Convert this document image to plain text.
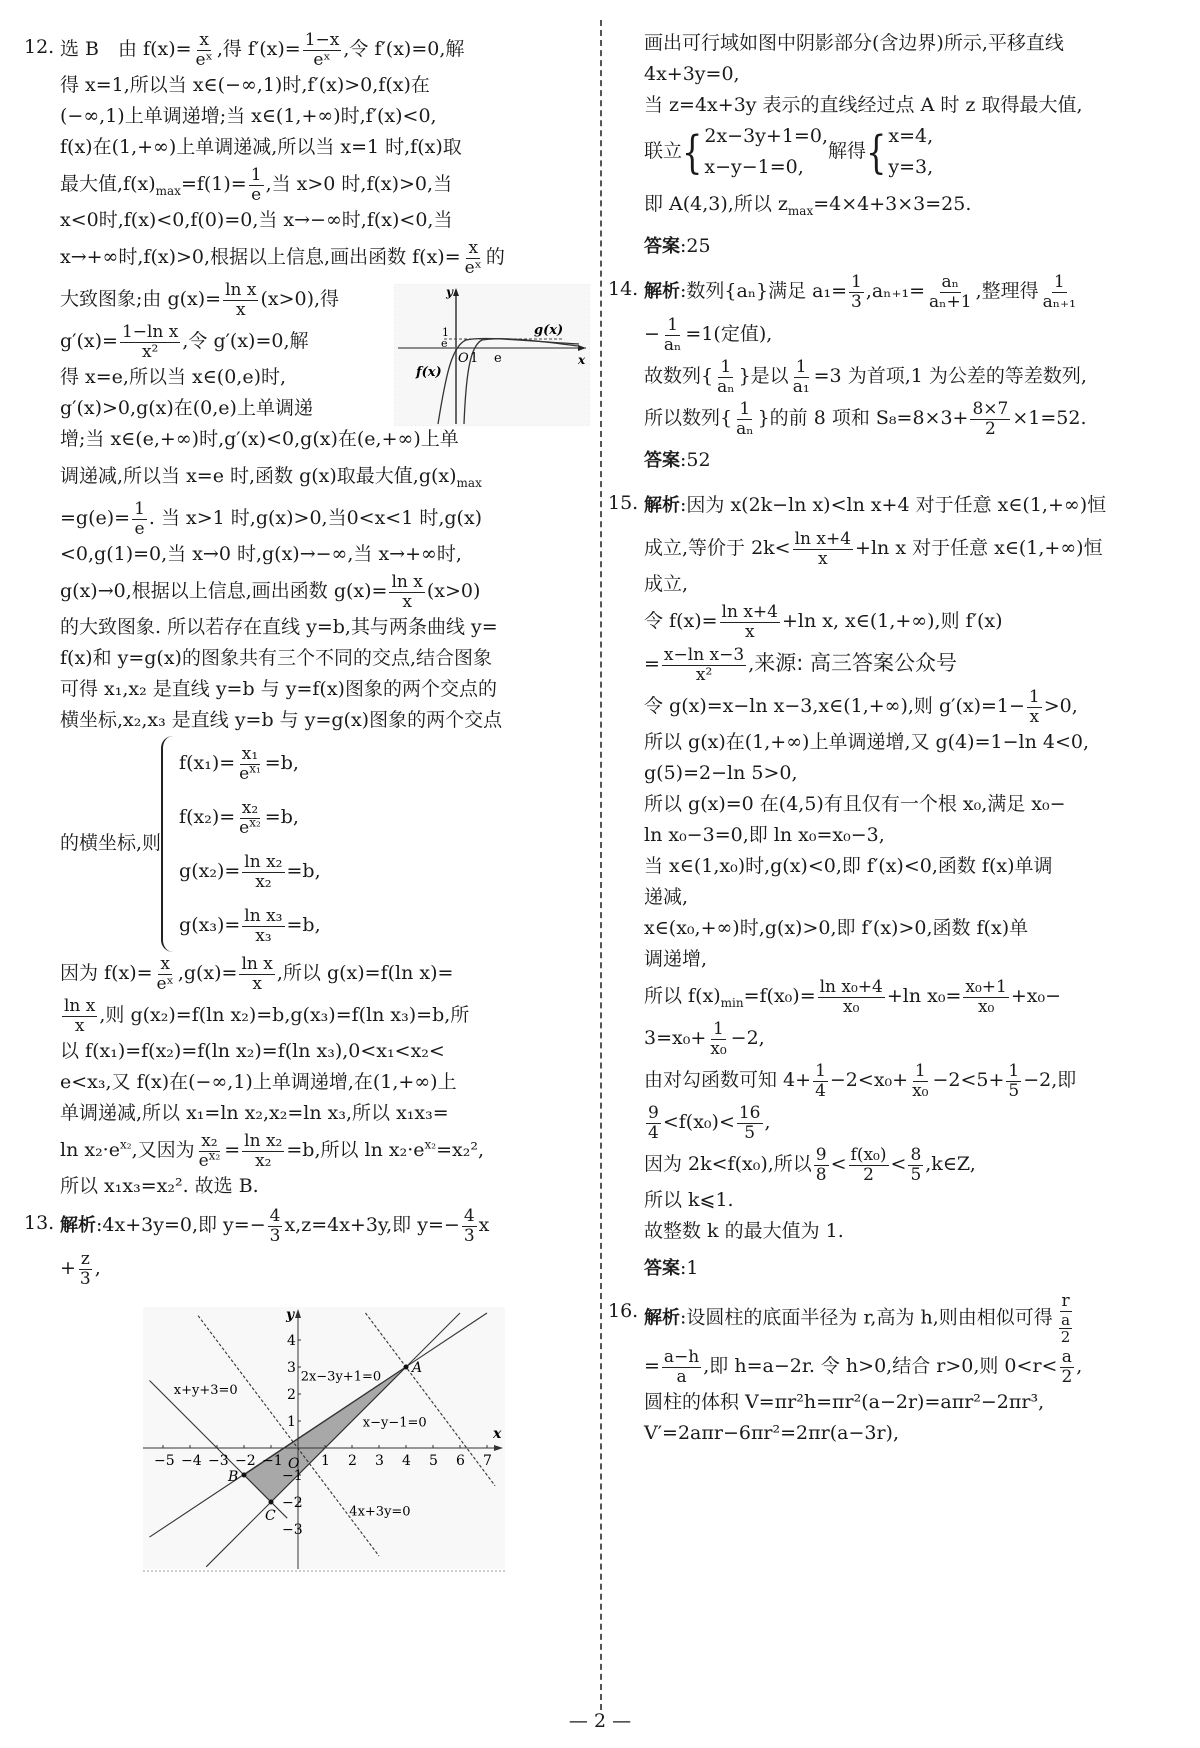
12. 选 B　由 $f(x)= \frac{x}{\text{eˣ}}$ ,得 $f'(x)= \frac{1-x}{\text{eˣ}}$ ,令 f′(x)=0,解
得 x=1,所以当 x∈(−∞,1)时,f′(x)>0,f(x)在
(−∞,1)上单调递增;当 x∈(1,+∞)时,f′(x)<0,
f(x)在(1,+∞)上单调递减,所以当 x=1 时,f(x)取
最大值$,f(x)_{max}=f(1)= \frac{1}{e}$ ,当 x>0 时,f(x)>0,当
x<0时,f(x)<0,f(0)=0,当 x→−∞时,f(x)<0,当
x→+∞时,f(x)>0,根据以上信息,画出函数 $f(x)= \frac{x}{\text{eˣ}}$ 的
y
x
O 1 e
1
e
f(x)
g(x)
大致图象;由 $g(x)= \frac{\text{ln x}}{x} (x>0)$,得
$g'(x)= \frac{\text{1−ln x}}{\text{x²}}$ ,令 g′(x)=0,解
得 x=e,所以当 x∈(0,e)时,
g′(x)>0,g(x)在(0,e)上单调递
增;当 x∈(e,+∞)时,g′(x)<0,g(x)在(e,+∞)上单
调递减,所以当 x=e 时,函数 g(x)取最大值$,g(x)_{max}$
$=g(e)= \frac{1}{e}$ . 当 x>1 时,g(x)>0,当0<x<1 时,g(x)
<0,g(1)=0,当 x→0 时,g(x)→−∞,当 x→+∞时,
g(x)→0,根据以上信息,画出函数 $g(x)= \frac{\text{ln x}}{x} (x>0)$
的大致图象. 所以若存在直线 y=b,其与两条曲线 y=
f(x)和 y=g(x)的图象共有三个不同的交点,结合图象
可得 x₁,x₂ 是直线 y=b 与 y=f(x)图象的两个交点的
横坐标,x₂,x₃ 是直线 y=b 与 y=g(x)图象的两个交点
的横坐标,则
$f(x_1)= \frac{\text{x₁}}{e^{x_1}} =b$,
$f(x_2)= \frac{\text{x₂}}{e^{x_2}} =b$,
$g(x_2)= \frac{\text{ln x₂}}{\text{x₂}} =b$,
$g(x_3)= \frac{\text{ln x₃}}{\text{x₃}} =b$,
因为 $f(x)= \frac{x}{\text{eˣ}} ,g(x)= \frac{\text{ln x}}{x}$ ,所以 g(x)=f(ln x)=
$\frac{\text{ln x}}{x}$ ,则 g(x₂)=f(ln x₂)=b,g(x₃)=f(ln x₃)=b,所
以 f(x₁)=f(x₂)=f(ln x₂)=f(ln x₃),0<x₁<x₂<
e<x₃,又 f(x)在(−∞,1)上单调递增,在(1,+∞)上
单调递减,所以 x₁=ln x₂,x₂=ln x₃,所以 x₁x₃=
$\ln x_2\cdot e^{x_2}$,又因为 $\frac{\text{x₂}}{e^{x_2}} = \frac{\text{ln x₂}}{\text{x₂}} =b$,所以 $\ln x_2\cdot e^{x_2}=x_2^2$,
所以 x₁x₃=x₂². 故选 B.
13. 解析:4x+3y=0,即 $y=- \frac{4}{3} x,z=4x+3y$,即 $y=- \frac{4}{3}$ x
+ $\frac{z}{3}$ ,
−5 −4 −3 −2 −1	1 2 3 4 5 6 7
−3
−2
−1
1
2
3
4
O
x
y
A
B
C
x+y+3=0
2x−3y+1=0
x−y−1=0
4x+3y=0
画出可行域如图中阴影部分(含边界)所示,平移直线
4x+3y=0,
当 z=4x+3y 表示的直线经过点 A 时 z 取得最大值,
联立 { 2x−3y+1=0,
x−y−1=0,
解得 { x=4,
y=3,
即 A(4,3),所以 $z_{max}=4\times 4+3\times 3=25$.
答案:25
14. 解析:数列{aₙ}满足 $a_1= \frac{1}{3} ,a_{n+1}= \frac{\text{aₙ}}{\text{aₙ+1}}$ ,整理得 $\frac{1}{\text{aₙ₊₁}}$
− $\frac{1}{\text{aₙ}} =1$(定值),
故数列{ $\frac{1}{\text{aₙ}}$ }是以 $\frac{1}{\text{a₁}} =3$ 为首项,1 为公差的等差数列,
所以数列{ $\frac{1}{\text{aₙ}}$ }的前 8 项和 $S_8=8\times 3+ \frac{8\times 7}{2} \times 1=52$.
答案:52
15. 解析:因为 x(2k−ln x)<ln x+4 对于任意 x∈(1,+∞)恒
成立,等价于 $2k< \frac{\text{ln x+4}}{x} +\ln$ x 对于任意 x∈(1,+∞)恒
成立,
令 $f(x)= \frac{\text{ln x+4}}{x} +\ln$ x, x∈(1,+∞),则 f′(x)
= $\frac{\text{x−ln x−3}}{\text{x²}}$ ,来源: 高三答案公众号
令 g(x)=x−ln x−3,x∈(1,+∞),则 $g'(x)=1- \frac{1}{x} >0$,
所以 g(x)在(1,+∞)上单调递增,又 g(4)=1−ln 4<0,
g(5)=2−ln 5>0,
所以 g(x)=0 在(4,5)有且仅有一个根 x₀,满足 x₀−
ln x₀−3=0,即 ln x₀=x₀−3,
当 x∈(1,x₀)时,g(x)<0,即 f′(x)<0,函数 f(x)单调
递减,
x∈(x₀,+∞)时,g(x)>0,即 f′(x)>0,函数 f(x)单
调递增,
所以 $f(x)_{min}=f(x_0)= \frac{\text{ln x₀+4}}{\text{x₀}} +\ln$ $x_0= \frac{\text{x₀+1}}{\text{x₀}} +x_0-$
$3=x_0+ \frac{1}{\text{x₀}} -2$,
由对勾函数可知 $4+ \frac{1}{4} -2<x_0+ \frac{1}{\text{x₀}} -2<5+ \frac{1}{5} -2$,即
$\frac{9}{4} <f(x_0)< \frac{16}{5}$ ,
因为 2k<f(x₀),所以 $\frac{9}{8} < \frac{\text{f(x₀)}}{2} < \frac{8}{5}$ ,k∈Z,
所以 k⩽1.
故整数 k 的最大值为 1.
答案:1
16. 解析:设圆柱的底面半径为 r,高为 h,则由相似可得 $\frac{r}{\frac{a}{2}}$
= $\frac{a-h}{a}$ ,即 h=a−2r. 令 h>0,结合 r>0,则 $0<r< \frac{a}{2}$ ,
圆柱的体积 V=πr²h=πr²(a−2r)=aπr²−2πr³,
V′=2aπr−6πr²=2πr(a−3r),
— 2 —
